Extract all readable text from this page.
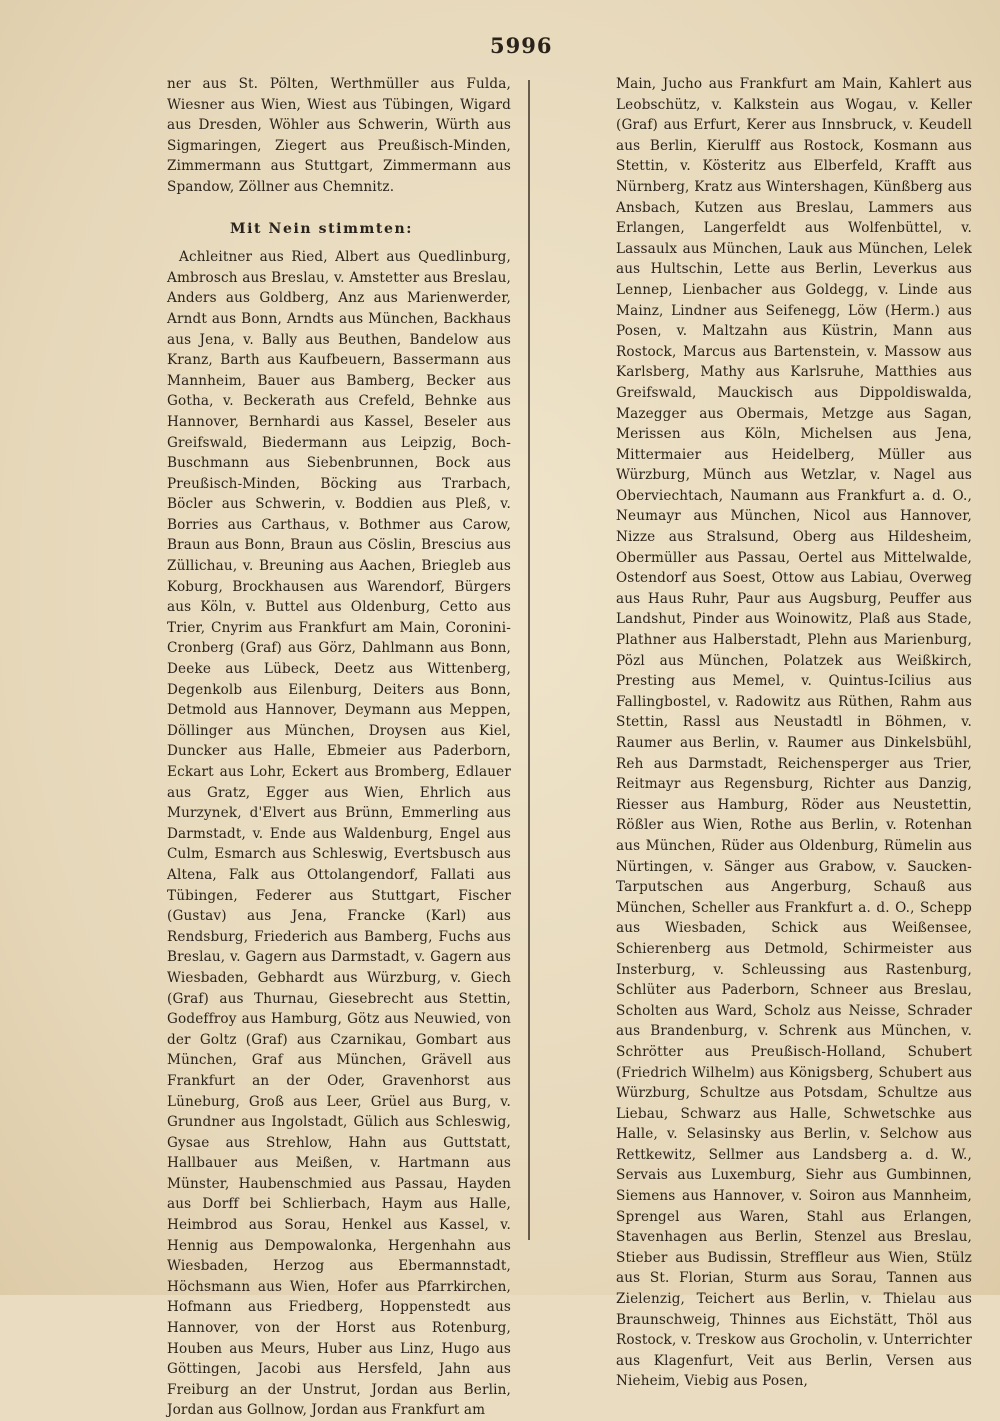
5996

ner aus St. Pölten, Werthmüller aus Fulda, Wiesner aus Wien, Wiest aus Tübingen, Wigard aus Dresden, Wöhler aus Schwerin, Würth aus Sigmaringen, Ziegert aus Preußisch-Minden, Zimmermann aus Stuttgart, Zimmermann aus Spandow, Zöllner aus Chemnitz.

Mit Nein stimmten:

Achleitner aus Ried, Albert aus Quedlinburg, Ambrosch aus Breslau, v. Amstetter aus Breslau, Anders aus Goldberg, Anz aus Marienwerder, Arndt aus Bonn, Arndts aus München, Backhaus aus Jena, v. Bally aus Beuthen, Bandelow aus Kranz, Barth aus Kaufbeuern, Bassermann aus Mannheim, Bauer aus Bamberg, Becker aus Gotha, v. Beckerath aus Crefeld, Behnke aus Hannover, Bernhardi aus Kassel, Beseler aus Greifswald, Biedermann aus Leipzig, Boch-Buschmann aus Siebenbrunnen, Bock aus Preußisch-Minden, Böcking aus Trarbach, Böcler aus Schwerin, v. Boddien aus Pleß, v. Borries aus Carthaus, v. Bothmer aus Carow, Braun aus Bonn, Braun aus Cöslin, Brescius aus Züllichau, v. Breuning aus Aachen, Briegleb aus Koburg, Brockhausen aus Warendorf, Bürgers aus Köln, v. Buttel aus Oldenburg, Cetto aus Trier, Cnyrim aus Frankfurt am Main, Coronini-Cronberg (Graf) aus Görz, Dahlmann aus Bonn, Deeke aus Lübeck, Deetz aus Wittenberg, Degenkolb aus Eilenburg, Deiters aus Bonn, Detmold aus Hannover, Deymann aus Meppen, Döllinger aus München, Droysen aus Kiel, Duncker aus Halle, Ebmeier aus Paderborn, Eckart aus Lohr, Eckert aus Bromberg, Edlauer aus Gratz, Egger aus Wien, Ehrlich aus Murzynek, d'Elvert aus Brünn, Emmerling aus Darmstadt, v. Ende aus Waldenburg, Engel aus Culm, Esmarch aus Schleswig, Evertsbusch aus Altena, Falk aus Ottolangendorf, Fallati aus Tübingen, Federer aus Stuttgart, Fischer (Gustav) aus Jena, Francke (Karl) aus Rendsburg, Friederich aus Bamberg, Fuchs aus Breslau, v. Gagern aus Darmstadt, v. Gagern aus Wiesbaden, Gebhardt aus Würzburg, v. Giech (Graf) aus Thurnau, Giesebrecht aus Stettin, Godeffroy aus Hamburg, Götz aus Neuwied, von der Goltz (Graf) aus Czarnikau, Gombart aus München, Graf aus München, Grävell aus Frankfurt an der Oder, Gravenhorst aus Lüneburg, Groß aus Leer, Grüel aus Burg, v. Grundner aus Ingolstadt, Gülich aus Schleswig, Gysae aus Strehlow, Hahn aus Guttstatt, Hallbauer aus Meißen, v. Hartmann aus Münster, Haubenschmied aus Passau, Hayden aus Dorff bei Schlierbach, Haym aus Halle, Heimbrod aus Sorau, Henkel aus Kassel, v. Hennig aus Dempowalonka, Hergenhahn aus Wiesbaden, Herzog aus Ebermannstadt, Höchsmann aus Wien, Hofer aus Pfarrkirchen, Hofmann aus Friedberg, Hoppenstedt aus Hannover, von der Horst aus Rotenburg, Houben aus Meurs, Huber aus Linz, Hugo aus Göttingen, Jacobi aus Hersfeld, Jahn aus Freiburg an der Unstrut, Jordan aus Berlin, Jordan aus Gollnow, Jordan aus Frankfurt am

Main, Jucho aus Frankfurt am Main, Kahlert aus Leobschütz, v. Kalkstein aus Wogau, v. Keller (Graf) aus Erfurt, Kerer aus Innsbruck, v. Keudell aus Berlin, Kierulff aus Rostock, Kosmann aus Stettin, v. Kösteritz aus Elberfeld, Krafft aus Nürnberg, Kratz aus Wintershagen, Künßberg aus Ansbach, Kutzen aus Breslau, Lammers aus Erlangen, Langerfeldt aus Wolfenbüttel, v. Lassaulx aus München, Lauk aus München, Lelek aus Hultschin, Lette aus Berlin, Leverkus aus Lennep, Lienbacher aus Goldegg, v. Linde aus Mainz, Lindner aus Seifenegg, Löw (Herm.) aus Posen, v. Maltzahn aus Küstrin, Mann aus Rostock, Marcus aus Bartenstein, v. Massow aus Karlsberg, Mathy aus Karlsruhe, Matthies aus Greifswald, Mauckisch aus Dippoldiswalda, Mazegger aus Obermais, Metzge aus Sagan, Merissen aus Köln, Michelsen aus Jena, Mittermaier aus Heidelberg, Müller aus Würzburg, Münch aus Wetzlar, v. Nagel aus Oberviechtach, Naumann aus Frankfurt a. d. O., Neumayr aus München, Nicol aus Hannover, Nizze aus Stralsund, Oberg aus Hildesheim, Obermüller aus Passau, Oertel aus Mittelwalde, Ostendorf aus Soest, Ottow aus Labiau, Overweg aus Haus Ruhr, Paur aus Augsburg, Peuffer aus Landshut, Pinder aus Woinowitz, Plaß aus Stade, Plathner aus Halberstadt, Plehn aus Marienburg, Pözl aus München, Polatzek aus Weißkirch, Presting aus Memel, v. Quintus-Icilius aus Fallingbostel, v. Radowitz aus Rüthen, Rahm aus Stettin, Rassl aus Neustadtl in Böhmen, v. Raumer aus Berlin, v. Raumer aus Dinkelsbühl, Reh aus Darmstadt, Reichensperger aus Trier, Reitmayr aus Regensburg, Richter aus Danzig, Riesser aus Hamburg, Röder aus Neustettin, Rößler aus Wien, Rothe aus Berlin, v. Rotenhan aus München, Rüder aus Oldenburg, Rümelin aus Nürtingen, v. Sänger aus Grabow, v. Saucken-Tarputschen aus Angerburg, Schauß aus München, Scheller aus Frankfurt a. d. O., Schepp aus Wiesbaden, Schick aus Weißensee, Schierenberg aus Detmold, Schirmeister aus Insterburg, v. Schleussing aus Rastenburg, Schlüter aus Paderborn, Schneer aus Breslau, Scholten aus Ward, Scholz aus Neisse, Schrader aus Brandenburg, v. Schrenk aus München, v. Schrötter aus Preußisch-Holland, Schubert (Friedrich Wilhelm) aus Königsberg, Schubert aus Würzburg, Schultze aus Potsdam, Schultze aus Liebau, Schwarz aus Halle, Schwetschke aus Halle, v. Selasinsky aus Berlin, v. Selchow aus Rettkewitz, Sellmer aus Landsberg a. d. W., Servais aus Luxemburg, Siehr aus Gumbinnen, Siemens aus Hannover, v. Soiron aus Mannheim, Sprengel aus Waren, Stahl aus Erlangen, Stavenhagen aus Berlin, Stenzel aus Breslau, Stieber aus Budissin, Streffleur aus Wien, Stülz aus St. Florian, Sturm aus Sorau, Tannen aus Zielenzig, Teichert aus Berlin, v. Thielau aus Braunschweig, Thinnes aus Eichstätt, Thöl aus Rostock, v. Treskow aus Grocholin, v. Unterrichter aus Klagenfurt, Veit aus Berlin, Versen aus Nieheim, Viebig aus Posen,
